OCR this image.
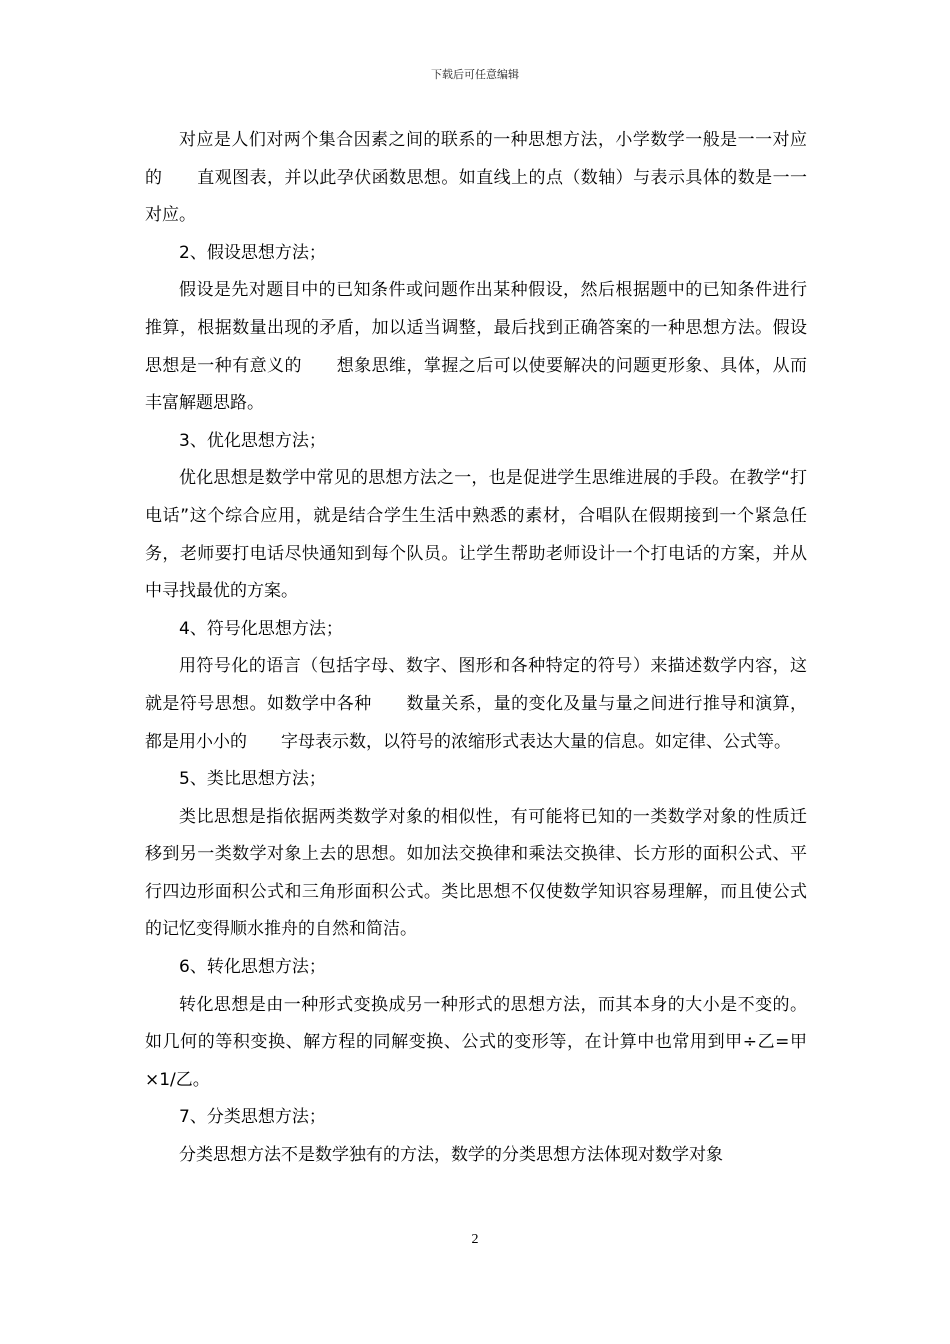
下载后可任意编辑

对应是人们对两个集合因素之间的联系的一种思想方法，小学数学一般是一一对应的　　直观图表，并以此孕伏函数思想。如直线上的点（数轴）与表示具体的数是一一对应。

2、假设思想方法；

假设是先对题目中的已知条件或问题作出某种假设，然后根据题中的已知条件进行推算，根据数量出现的矛盾，加以适当调整，最后找到正确答案的一种思想方法。假设思想是一种有意义的　　想象思维，掌握之后可以使要解决的问题更形象、具体，从而丰富解题思路。

3、优化思想方法；

优化思想是数学中常见的思想方法之一，也是促进学生思维进展的手段。在教学“打电话”这个综合应用，就是结合学生生活中熟悉的素材，合唱队在假期接到一个紧急任务，老师要打电话尽快通知到每个队员。让学生帮助老师设计一个打电话的方案，并从中寻找最优的方案。

4、符号化思想方法；

用符号化的语言（包括字母、数字、图形和各种特定的符号）来描述数学内容，这就是符号思想。如数学中各种　　数量关系，量的变化及量与量之间进行推导和演算，都是用小小的　　字母表示数，以符号的浓缩形式表达大量的信息。如定律、公式等。

5、类比思想方法；

类比思想是指依据两类数学对象的相似性，有可能将已知的一类数学对象的性质迁移到另一类数学对象上去的思想。如加法交换律和乘法交换律、长方形的面积公式、平行四边形面积公式和三角形面积公式。类比思想不仅使数学知识容易理解，而且使公式的记忆变得顺水推舟的自然和简洁。

6、转化思想方法；

转化思想是由一种形式变换成另一种形式的思想方法，而其本身的大小是不变的。如几何的等积变换、解方程的同解变换、公式的变形等，在计算中也常用到甲÷乙=甲×1/乙。

7、分类思想方法；

分类思想方法不是数学独有的方法，数学的分类思想方法体现对数学对象

2
